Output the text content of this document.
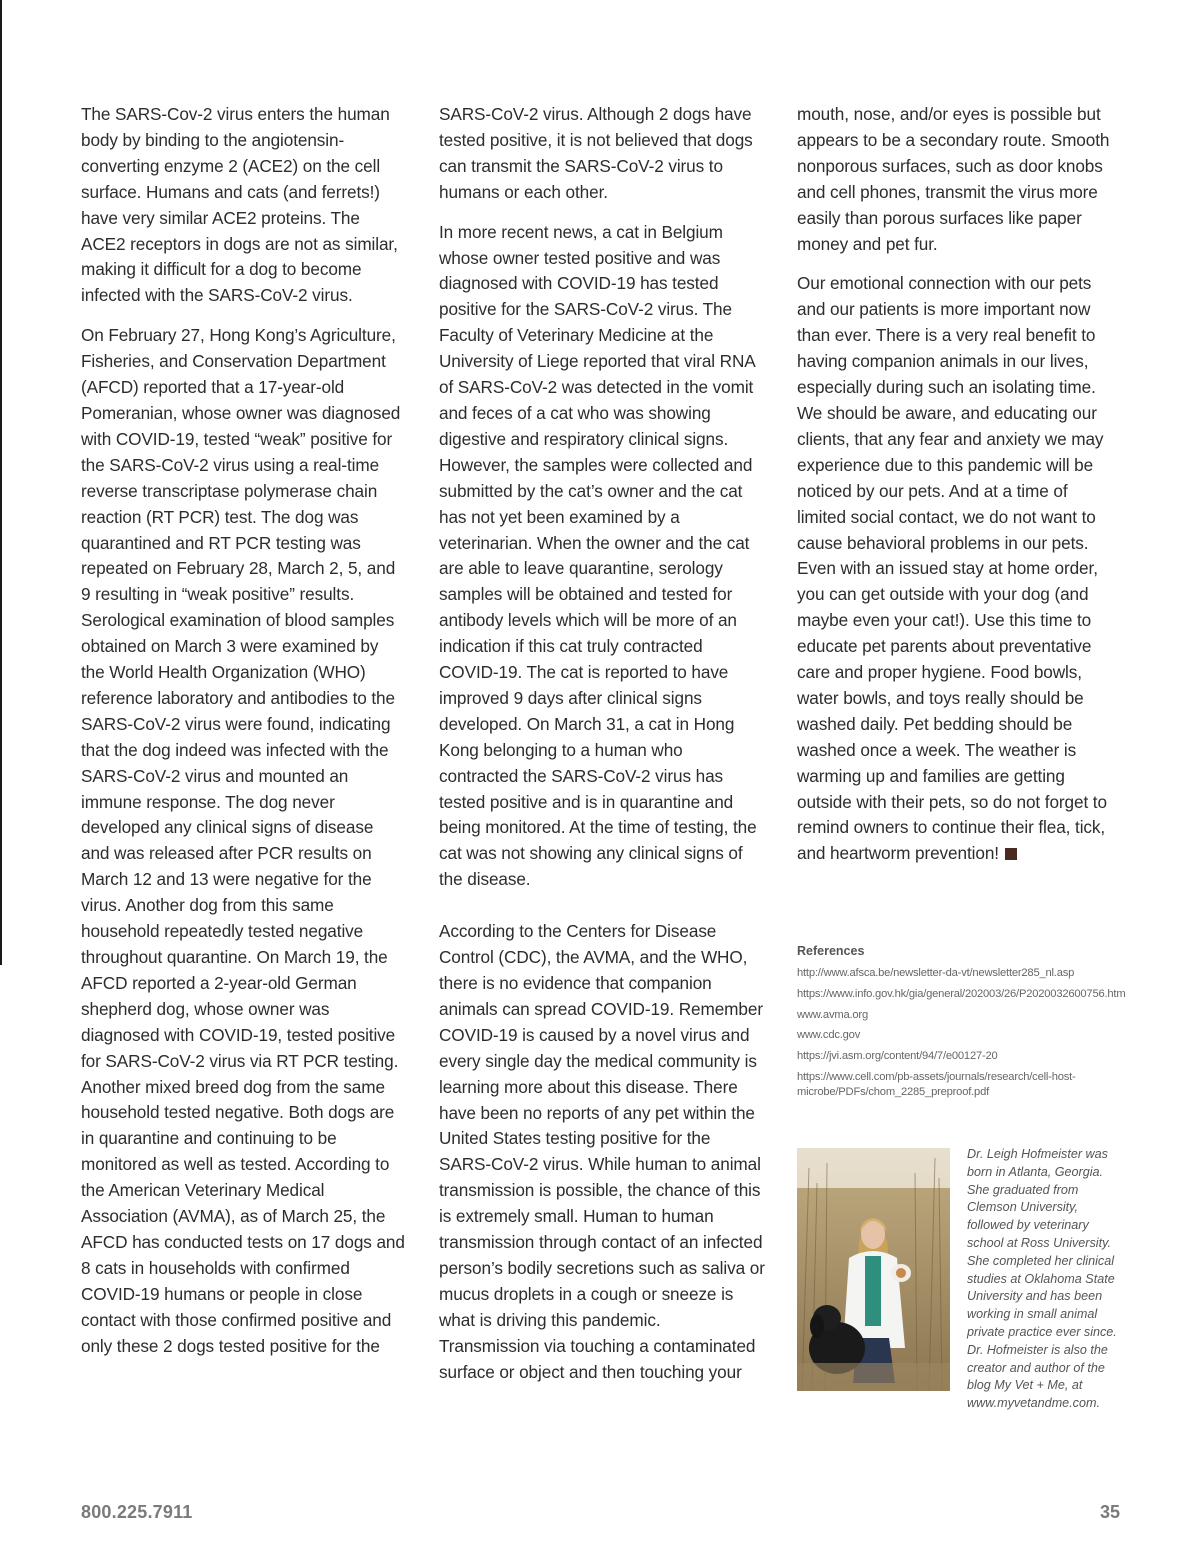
The SARS-Cov-2 virus enters the human body by binding to the angiotensin-converting enzyme 2 (ACE2) on the cell surface. Humans and cats (and ferrets!) have very similar ACE2 proteins. The ACE2 receptors in dogs are not as similar, making it difficult for a dog to become infected with the SARS-CoV-2 virus.

On February 27, Hong Kong’s Agriculture, Fisheries, and Conservation Department (AFCD) reported that a 17-year-old Pomeranian, whose owner was diagnosed with COVID-19, tested “weak” positive for the SARS-CoV-2 virus using a real-time reverse transcriptase polymerase chain reaction (RT PCR) test. The dog was quarantined and RT PCR testing was repeated on February 28, March 2, 5, and 9 resulting in “weak positive” results. Serological examination of blood samples obtained on March 3 were examined by the World Health Organization (WHO) reference laboratory and antibodies to the SARS-CoV-2 virus were found, indicating that the dog indeed was infected with the SARS-CoV-2 virus and mounted an immune response. The dog never developed any clinical signs of disease and was released after PCR results on March 12 and 13 were negative for the virus. Another dog from this same household repeatedly tested negative throughout quarantine. On March 19, the AFCD reported a 2-year-old German shepherd dog, whose owner was diagnosed with COVID-19, tested positive for SARS-CoV-2 virus via RT PCR testing. Another mixed breed dog from the same household tested negative. Both dogs are in quarantine and continuing to be monitored as well as tested. According to the American Veterinary Medical Association (AVMA), as of March 25, the AFCD has conducted tests on 17 dogs and 8 cats in households with confirmed COVID-19 humans or people in close contact with those confirmed positive and only these 2 dogs tested positive for the

SARS-CoV-2 virus. Although 2 dogs have tested positive, it is not believed that dogs can transmit the SARS-CoV-2 virus to humans or each other.

In more recent news, a cat in Belgium whose owner tested positive and was diagnosed with COVID-19 has tested positive for the SARS-CoV-2 virus. The Faculty of Veterinary Medicine at the University of Liege reported that viral RNA of SARS-CoV-2 was detected in the vomit and feces of a cat who was showing digestive and respiratory clinical signs. However, the samples were collected and submitted by the cat’s owner and the cat has not yet been examined by a veterinarian. When the owner and the cat are able to leave quarantine, serology samples will be obtained and tested for antibody levels which will be more of an indication if this cat truly contracted COVID-19. The cat is reported to have improved 9 days after clinical signs developed. On March 31, a cat in Hong Kong belonging to a human who contracted the SARS-CoV-2 virus has tested positive and is in quarantine and being monitored. At the time of testing, the cat was not showing any clinical signs of the disease.

According to the Centers for Disease Control (CDC), the AVMA, and the WHO, there is no evidence that companion animals can spread COVID-19. Remember COVID-19 is caused by a novel virus and every single day the medical community is learning more about this disease. There have been no reports of any pet within the United States testing positive for the SARS-CoV-2 virus. While human to animal transmission is possible, the chance of this is extremely small. Human to human transmission through contact of an infected person’s bodily secretions such as saliva or mucus droplets in a cough or sneeze is what is driving this pandemic. Transmission via touching a contaminated surface or object and then touching your

mouth, nose, and/or eyes is possible but appears to be a secondary route. Smooth nonporous surfaces, such as door knobs and cell phones, transmit the virus more easily than porous surfaces like paper money and pet fur.

Our emotional connection with our pets and our patients is more important now than ever. There is a very real benefit to having companion animals in our lives, especially during such an isolating time. We should be aware, and educating our clients, that any fear and anxiety we may experience due to this pandemic will be noticed by our pets. And at a time of limited social contact, we do not want to cause behavioral problems in our pets. Even with an issued stay at home order, you can get outside with your dog (and maybe even your cat!). Use this time to educate pet parents about preventative care and proper hygiene. Food bowls, water bowls, and toys really should be washed daily. Pet bedding should be washed once a week. The weather is warming up and families are getting outside with their pets, so do not forget to remind owners to continue their flea, tick, and heartworm prevention!

References
http://www.afsca.be/newsletter-da-vt/newsletter285_nl.asp
https://www.info.gov.hk/gia/general/202003/26/P2020032600756.htm
www.avma.org
www.cdc.gov
https://jvi.asm.org/content/94/7/e00127-20
https://www.cell.com/pb-assets/journals/research/cell-host-microbe/PDFs/chom_2285_preproof.pdf
Dr. Leigh Hofmeister was born in Atlanta, Georgia. She graduated from Clemson University, followed by veterinary school at Ross University. She completed her clinical studies at Oklahoma State University and has been working in small animal private practice ever since. Dr. Hofmeister is also the creator and author of the blog My Vet + Me, at www.myvetandme.com.
800.225.7911	35
